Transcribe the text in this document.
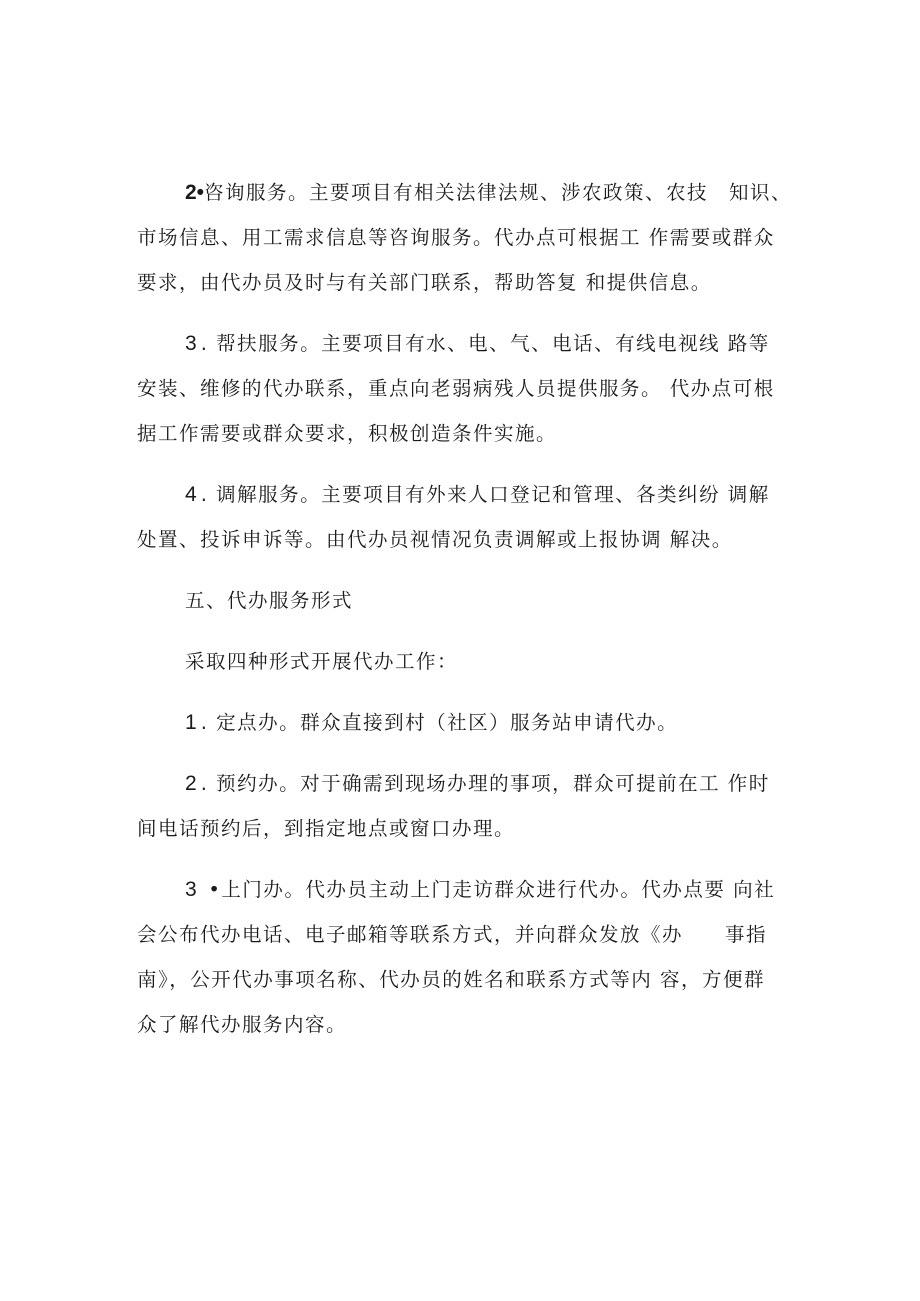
2•咨询服务。主要项目有相关法律法规、涉农政策、农技　知识、
市场信息、用工需求信息等咨询服务。代办点可根据工 作需要或群众
要求，由代办员及时与有关部门联系，帮助答复 和提供信息。

3 . 帮扶服务。主要项目有水、电、气、电话、有线电视线 路等
安装、维修的代办联系，重点向老弱病残人员提供服务。 代办点可根
据工作需要或群众要求，积极创造条件实施。

4 . 调解服务。主要项目有外来人口登记和管理、各类纠纷 调解
处置、投诉申诉等。由代办员视情况负责调解或上报协调 解决。

五、代办服务形式

采取四种形式开展代办工作：

1 . 定点办。群众直接到村（社区）服务站申请代办。

2 . 预约办。对于确需到现场办理的事项，群众可提前在工 作时
间电话预约后，到指定地点或窗口办理。

3 •上门办。代办员主动上门走访群众进行代办。代办点要 向社
会公布代办电话、电子邮箱等联系方式，并向群众发放《办　　事指
南》，公开代办事项名称、代办员的姓名和联系方式等内 容，方便群
众了解代办服务内容。
